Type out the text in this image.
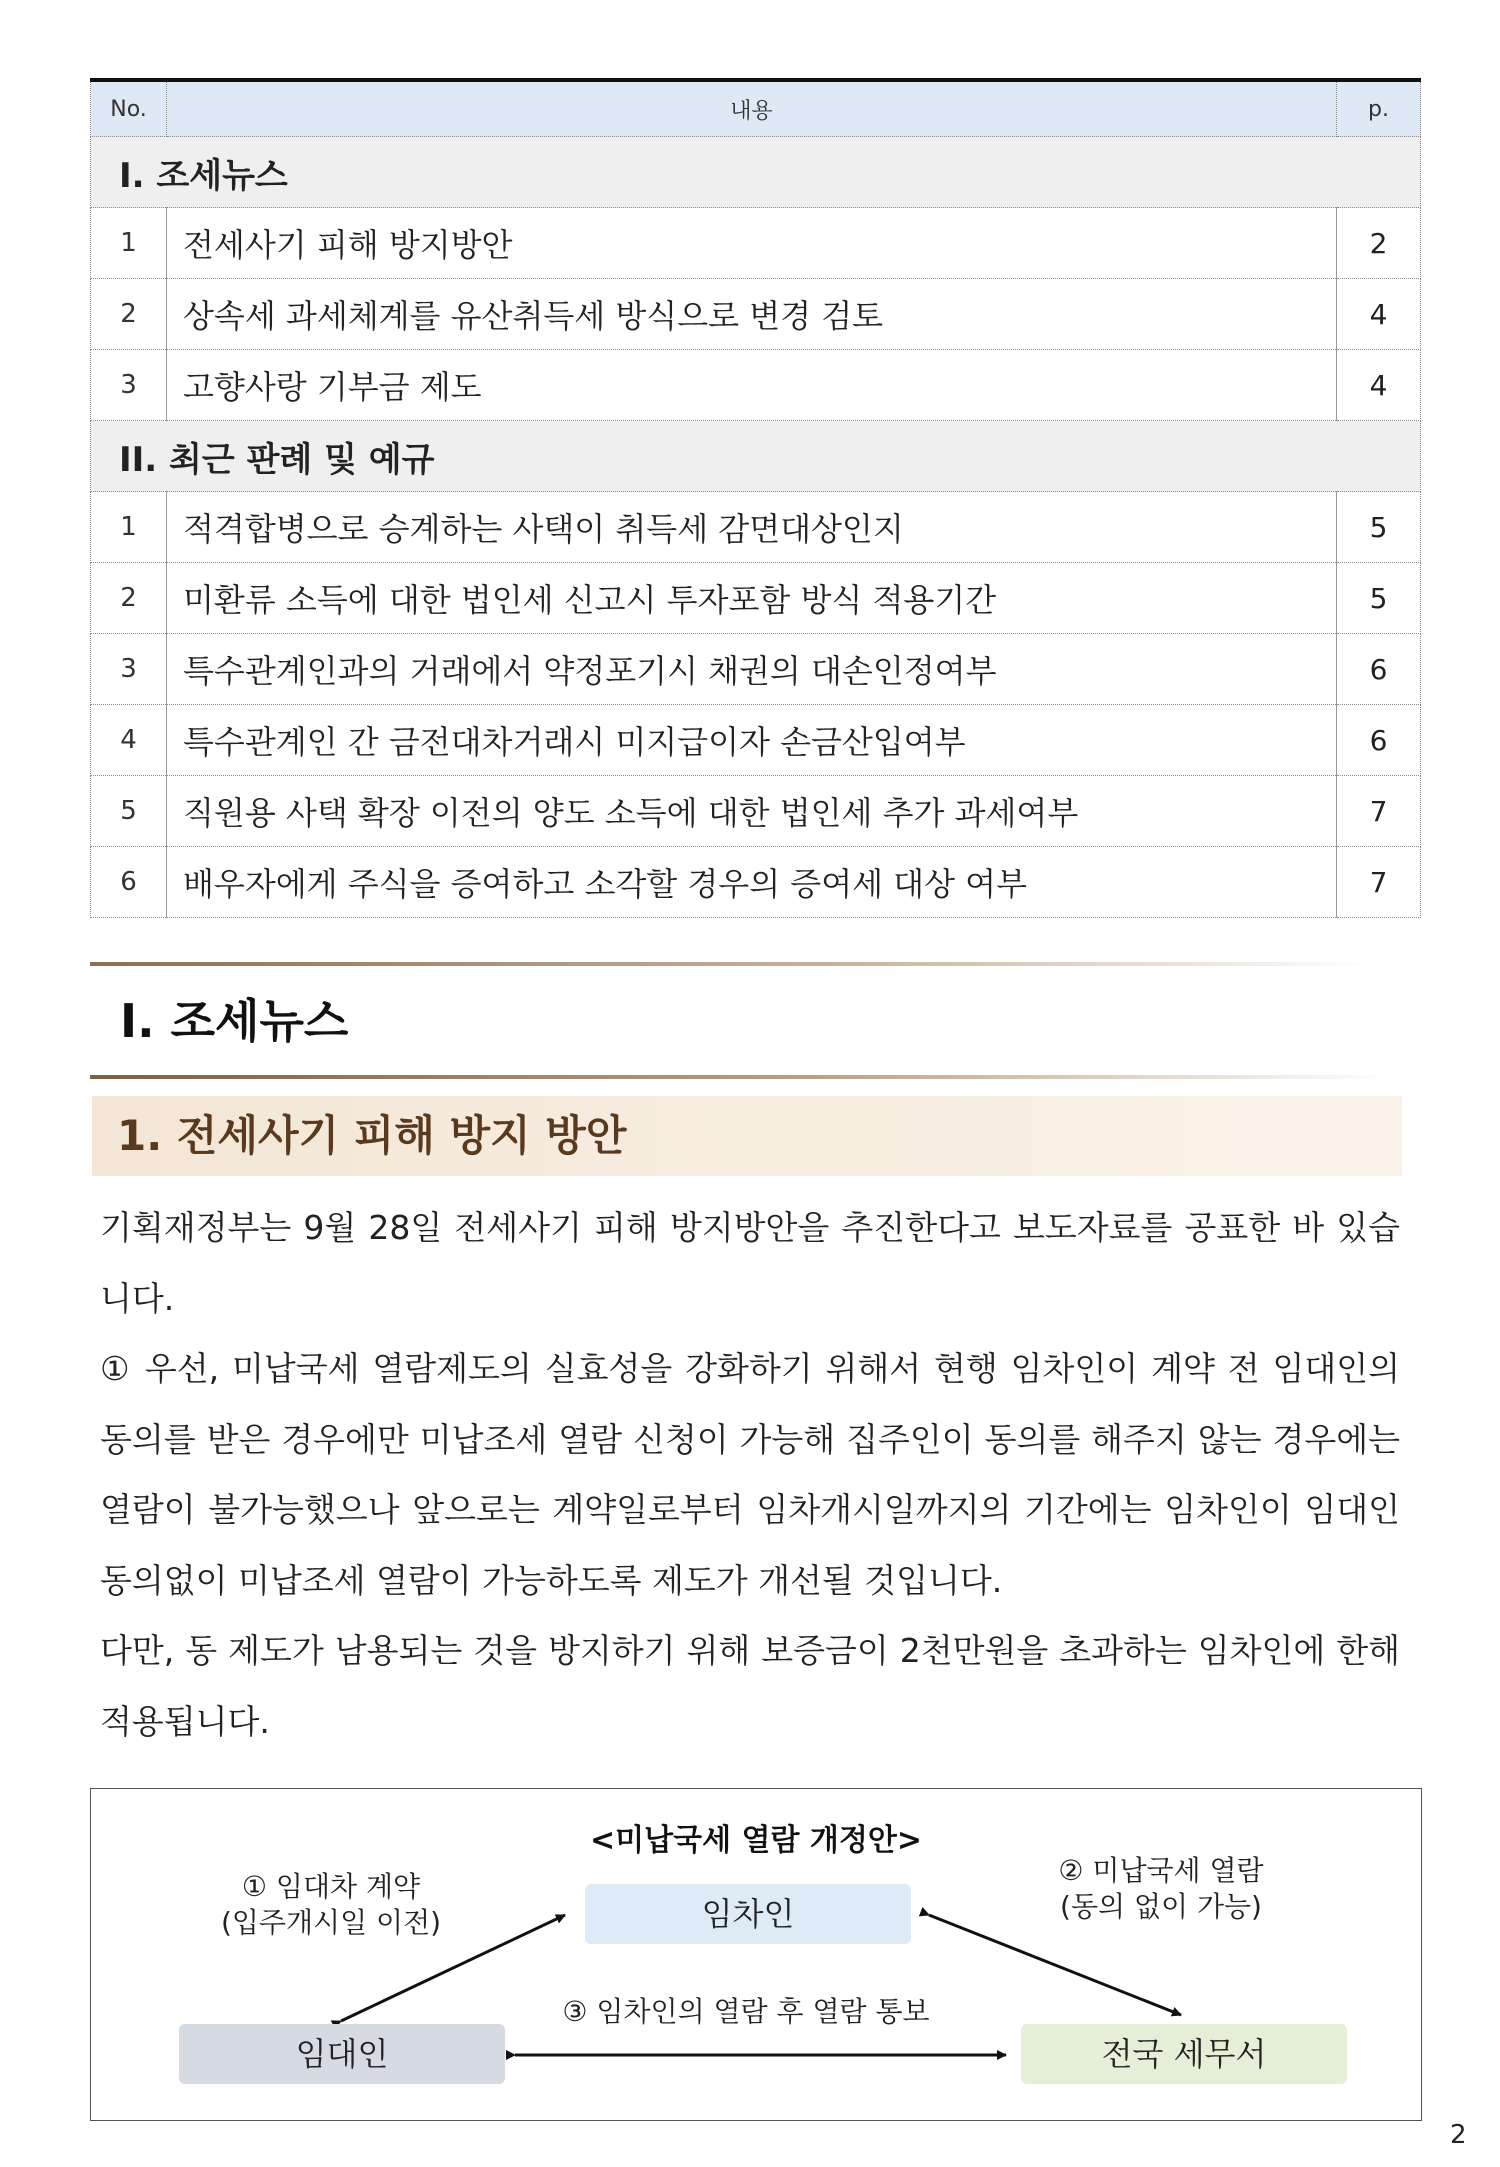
No.	내용	p.
I. 조세뉴스		
1	전세사기 피해 방지방안	2
2	상속세 과세체계를 유산취득세 방식으로 변경 검토	4
3	고향사랑 기부금 제도	4
II. 최근 판례 및 예규		
1	적격합병으로 승계하는 사택이 취득세 감면대상인지	5
2	미환류 소득에 대한 법인세 신고시 투자포함 방식 적용기간	5
3	특수관계인과의 거래에서 약정포기시 채권의 대손인정여부	6
4	특수관계인 간 금전대차거래시 미지급이자 손금산입여부	6
5	직원용 사택 확장 이전의 양도 소득에 대한 법인세 추가 과세여부	7
6	배우자에게 주식을 증여하고 소각할 경우의 증여세 대상 여부	7
I. 조세뉴스
1. 전세사기 피해 방지 방안

기획재정부는 9월 28일 전세사기 피해 방지방안을 추진한다고 보도자료를 공표한 바 있습니다.

① 우선, 미납국세 열람제도의 실효성을 강화하기 위해서 현행 임차인이 계약 전 임대인의 동의를 받은 경우에만 미납조세 열람 신청이 가능해 집주인이 동의를 해주지 않는 경우에는 열람이 불가능했으나 앞으로는 계약일로부터 임차개시일까지의 기간에는 임차인이 임대인 동의없이 미납조세 열람이 가능하도록 제도가 개선될 것입니다.

다만, 동 제도가 남용되는 것을 방지하기 위해 보증금이 2천만원을 초과하는 임차인에 한해 적용됩니다.

<미납국세 열람 개정안>
임차인
임대인	전국 세무서
① 임대차 계약
(입주개시일 이전)
② 미납국세 열람
(동의 없이 가능)
③ 임차인의 열람 후 열람 통보
2
